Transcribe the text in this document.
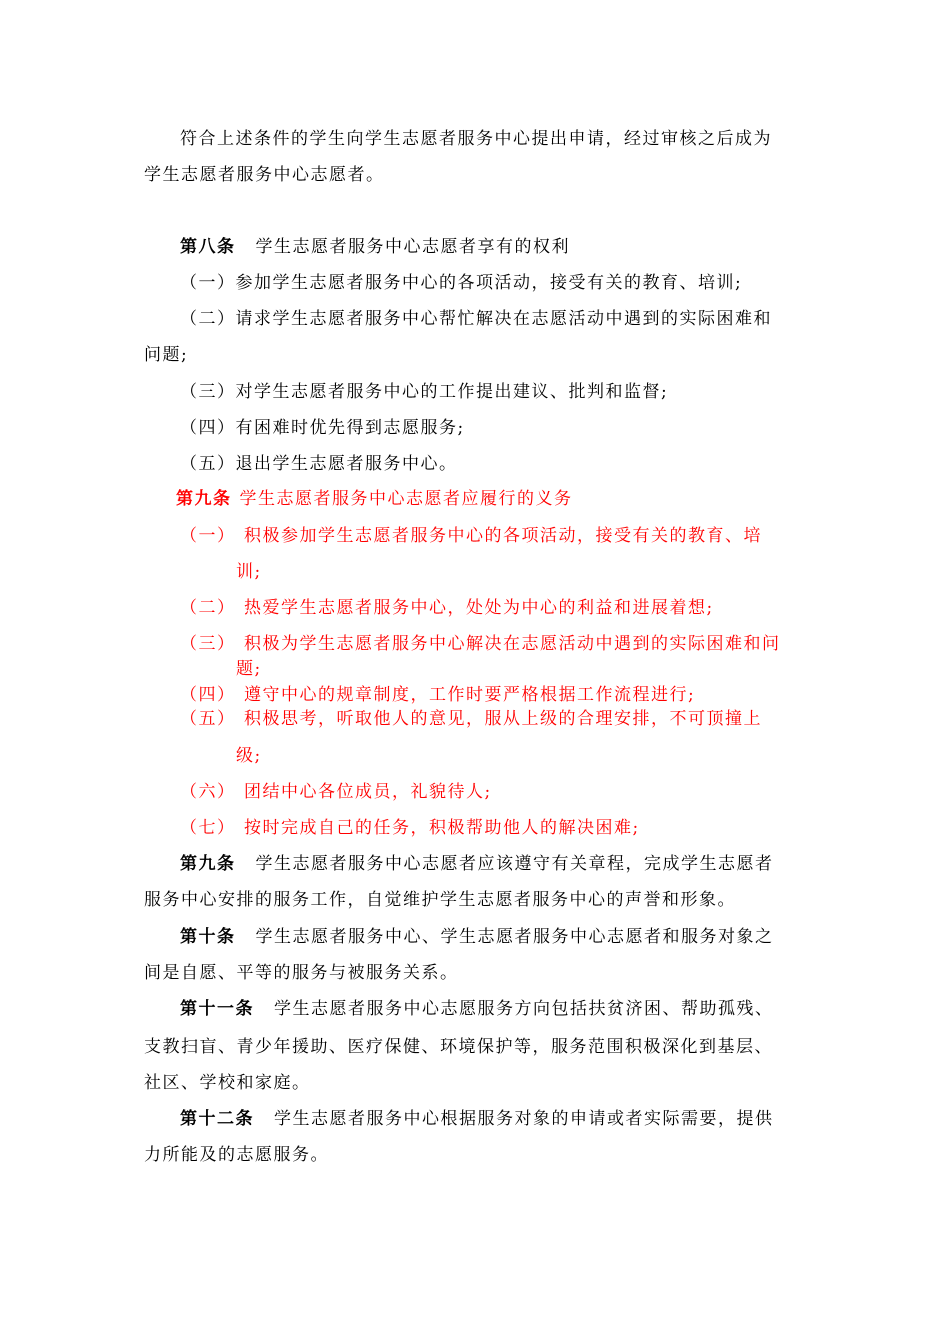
符合上述条件的学生向学生志愿者服务中心提出申请，经过审核之后成为
学生志愿者服务中心志愿者。
第八条 学生志愿者服务中心志愿者享有的权利
（一）参加学生志愿者服务中心的各项活动，接受有关的教育、培训;
（二）请求学生志愿者服务中心帮忙解决在志愿活动中遇到的实际困难和
问题;
（三）对学生志愿者服务中心的工作提出建议、批判和监督;
（四）有困难时优先得到志愿服务;
（五）退出学生志愿者服务中心。
第九条 学生志愿者服务中心志愿者应履行的义务
（一） 积极参加学生志愿者服务中心的各项活动，接受有关的教育、培
训;
（二） 热爱学生志愿者服务中心，处处为中心的利益和进展着想;
（三） 积极为学生志愿者服务中心解决在志愿活动中遇到的实际困难和问
题;
（四） 遵守中心的规章制度，工作时要严格根据工作流程进行;
（五） 积极思考，听取他人的意见，服从上级的合理安排，不可顶撞上
级;
（六） 团结中心各位成员，礼貌待人;
（七） 按时完成自己的任务，积极帮助他人的解决困难;
第九条 学生志愿者服务中心志愿者应该遵守有关章程，完成学生志愿者
服务中心安排的服务工作，自觉维护学生志愿者服务中心的声誉和形象。
第十条 学生志愿者服务中心、学生志愿者服务中心志愿者和服务对象之
间是自愿、平等的服务与被服务关系。
第十一条 学生志愿者服务中心志愿服务方向包括扶贫济困、帮助孤残、
支教扫盲、青少年援助、医疗保健、环境保护等，服务范围积极深化到基层、
社区、学校和家庭。
第十二条 学生志愿者服务中心根据服务对象的申请或者实际需要，提供
力所能及的志愿服务。
